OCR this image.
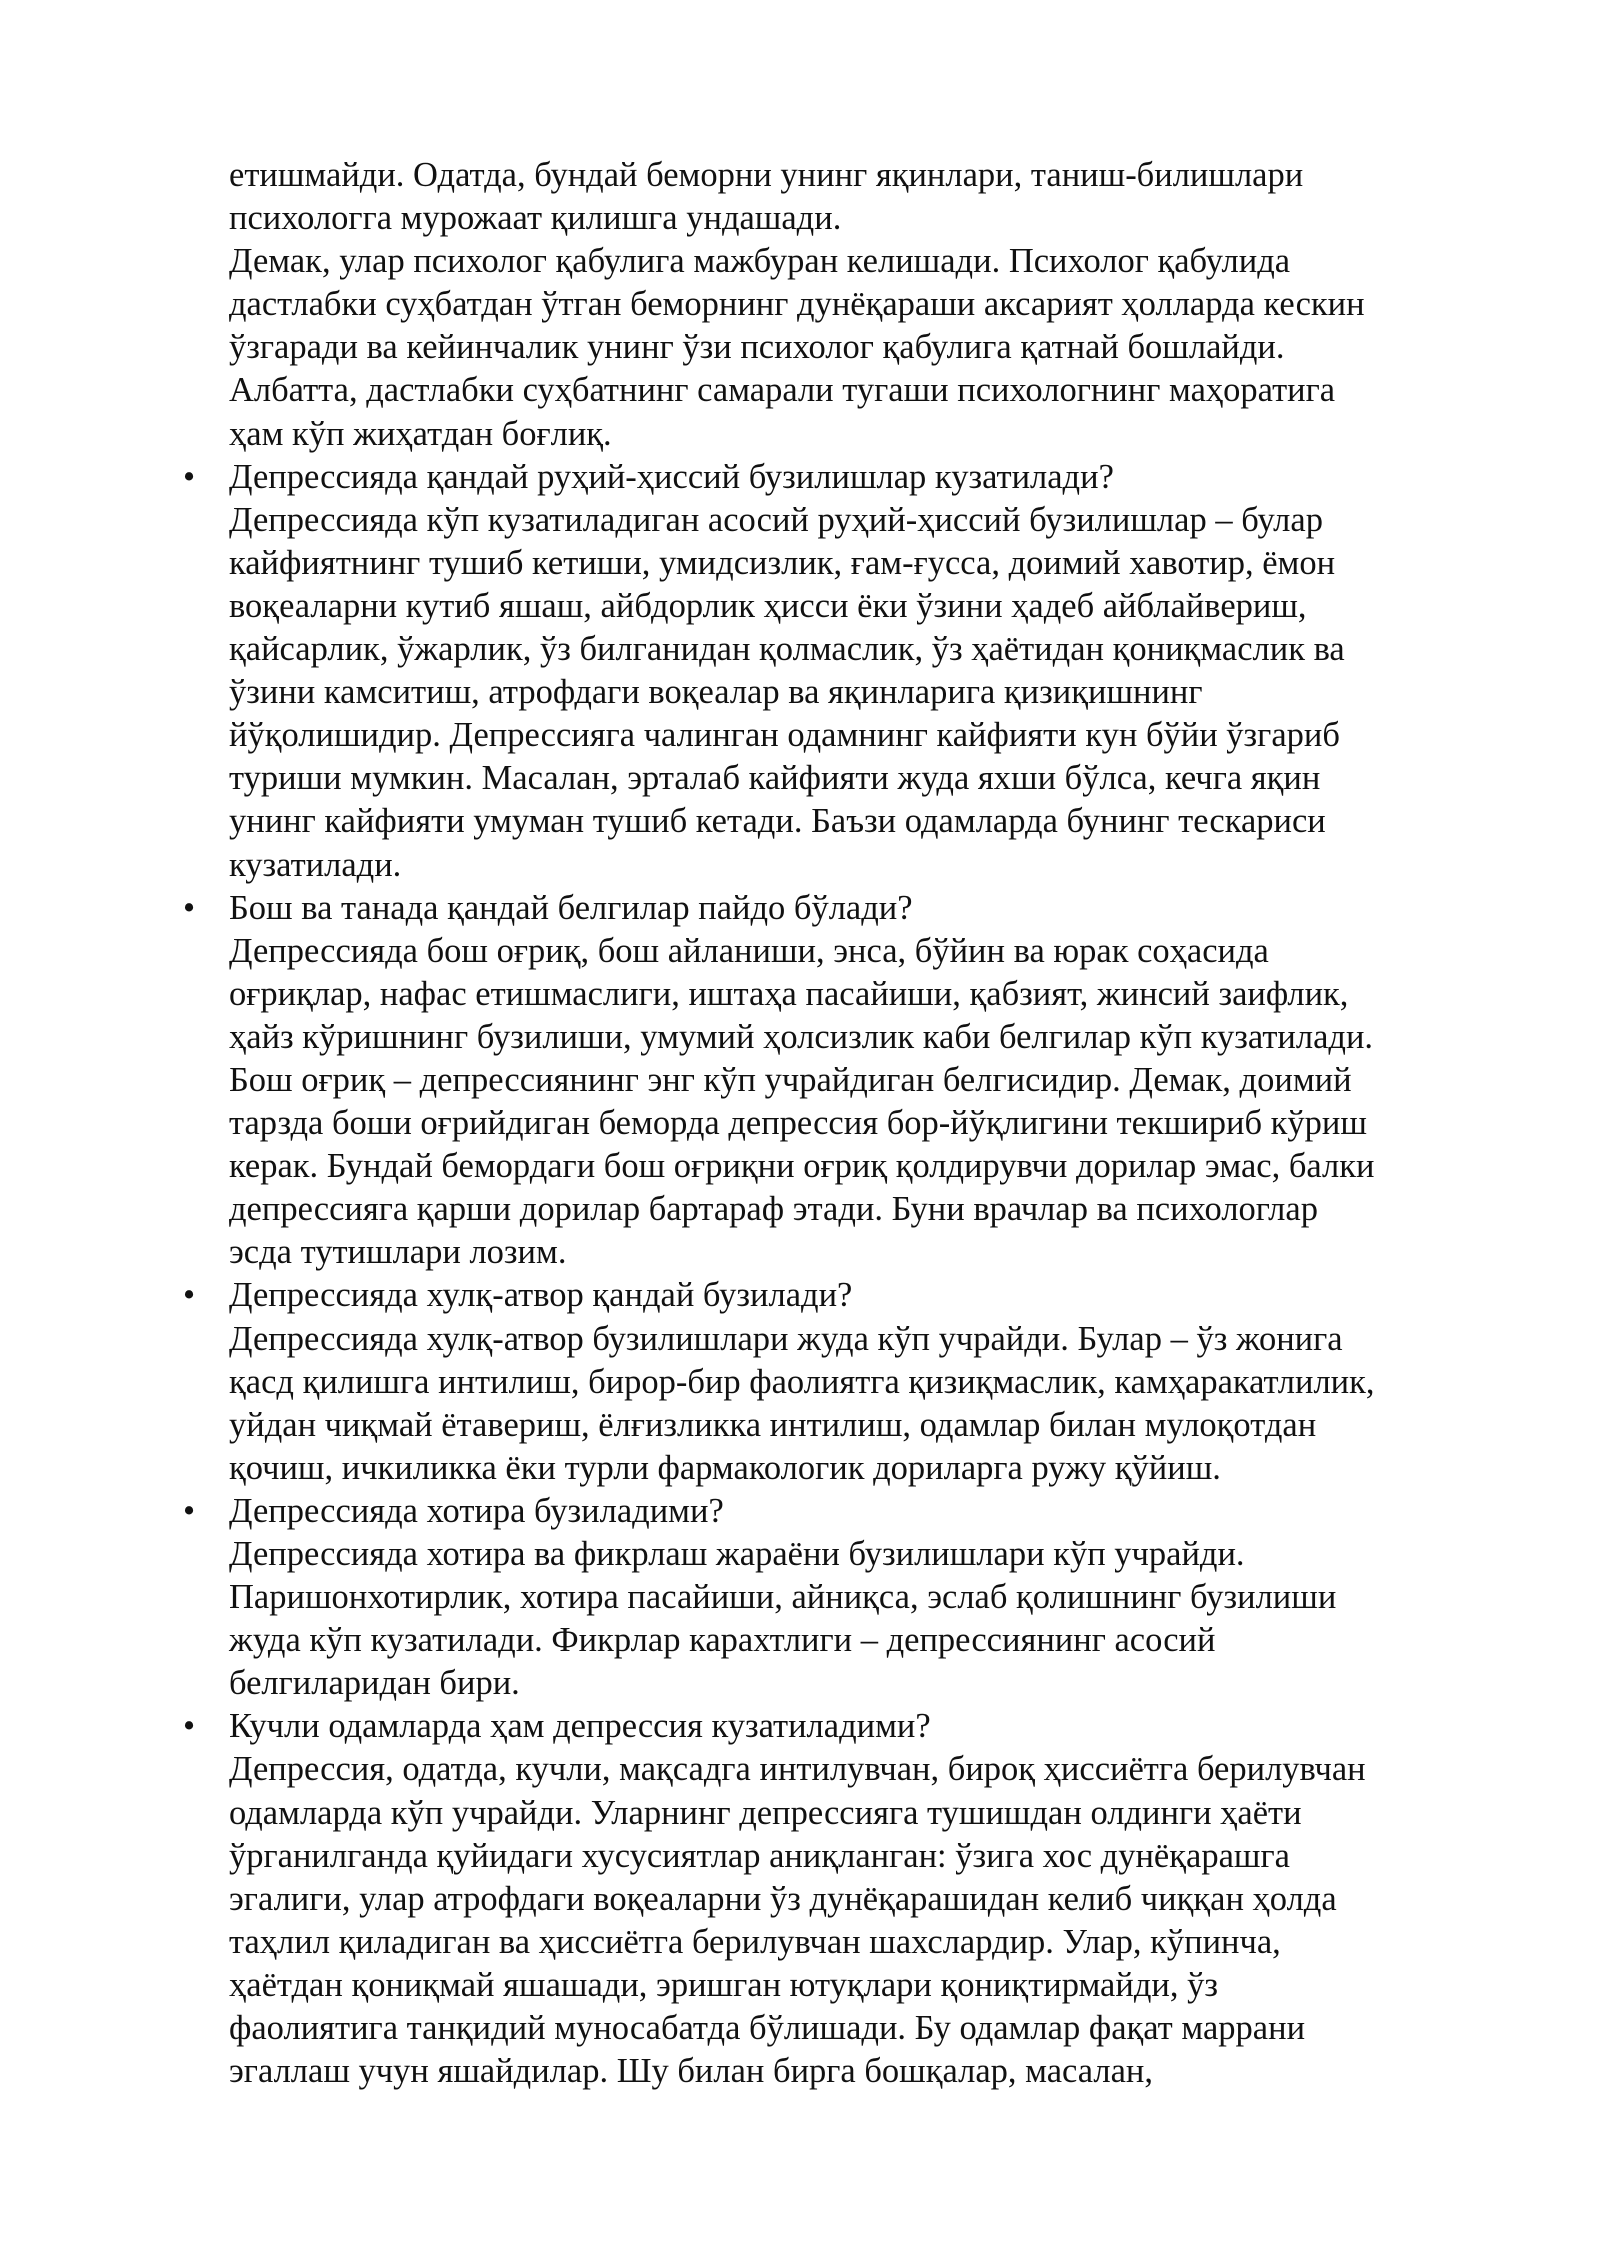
етишмайди. Одатда, бундай беморни унинг яқинлари, таниш-билишлари
психологга мурожаат қилишга ундашади.
Демак, улар психолог қабулига мажбуран келишади. Психолог қабулида
дастлабки суҳбатдан ўтган беморнинг дунёқараши аксарият ҳолларда кескин
ўзгаради ва кейинчалик унинг ўзи психолог қабулига қатнай бошлайди.
Албатта, дастлабки суҳбатнинг самарали тугаши психологнинг маҳоратига
ҳам кўп жиҳатдан боғлиқ.

• Депрессияда қандай руҳий-ҳиссий бузилишлар кузатилади?
Депрессияда кўп кузатиладиган асосий руҳий-ҳиссий бузилишлар – булар
кайфиятнинг тушиб кетиши, умидсизлик, ғам-ғусса, доимий хавотир, ёмон
воқеаларни кутиб яшаш, айбдорлик ҳисси ёки ўзини ҳадеб айблайвериш,
қайсарлик, ўжарлик, ўз билганидан қолмаслик, ўз ҳаётидан қониқмаслик ва
ўзини камситиш, атрофдаги воқеалар ва яқинларига қизиқишнинг
йўқолишидир. Депрессияга чалинган одамнинг кайфияти кун бўйи ўзгариб
туриши мумкин. Масалан, эрталаб кайфияти жуда яхши бўлса, кечга яқин
унинг кайфияти умуман тушиб кетади. Баъзи одамларда бунинг тескариси
кузатилади.
• Бош ва танада қандай белгилар пайдо бўлади?
Депрессияда бош оғриқ, бош айланиши, энса, бўйин ва юрак соҳасида
оғриқлар, нафас етишмаслиги, иштаҳа пасайиши, қабзият, жинсий заифлик,
ҳайз кўришнинг бузилиши, умумий ҳолсизлик каби белгилар кўп кузатилади.
Бош оғриқ – депрессиянинг энг кўп учрайдиган белгисидир. Демак, доимий
тарзда боши оғрийдиган беморда депрессия бор-йўқлигини текшириб кўриш
керак. Бундай бемордаги бош оғриқни оғриқ қолдирувчи дорилар эмас, балки
депрессияга қарши дорилар бартараф этади. Буни врачлар ва психологлар
эсда тутишлари лозим.
• Депрессияда хулқ-атвор қандай бузилади?
Депрессияда хулқ-атвор бузилишлари жуда кўп учрайди. Булар – ўз жонига
қасд қилишга интилиш, бирор-бир фаолиятга қизиқмаслик, камҳаракатлилик,
уйдан чиқмай ётавериш, ёлғизликка интилиш, одамлар билан мулоқотдан
қочиш, ичкиликка ёки турли фармакологик дориларга ружу қўйиш.
• Депрессияда хотира бузиладими?
Депрессияда хотира ва фикрлаш жараёни бузилишлари кўп учрайди.
Паришонхотирлик, хотира пасайиши, айниқса, эслаб қолишнинг бузилиши
жуда кўп кузатилади. Фикрлар карахтлиги – депрессиянинг асосий
белгиларидан бири.
• Кучли одамларда ҳам депрессия кузатиладими?
Депрессия, одатда, кучли, мақсадга интилувчан, бироқ ҳиссиётга берилувчан
одамларда кўп учрайди. Уларнинг депрессияга тушишдан олдинги ҳаёти
ўрганилганда қуйидаги хусусиятлар аниқланган: ўзига хос дунёқарашга
эгалиги, улар атрофдаги воқеаларни ўз дунёқарашидан келиб чиққан ҳолда
таҳлил қиладиган ва ҳиссиётга берилувчан шахслардир. Улар, кўпинча,
ҳаётдан қониқмай яшашади, эришган ютуқлари қониқтирмайди, ўз
фаолиятига танқидий муносабатда бўлишади. Бу одамлар фақат маррани
эгаллаш учун яшайдилар. Шу билан бирга бошқалар, масалан,
